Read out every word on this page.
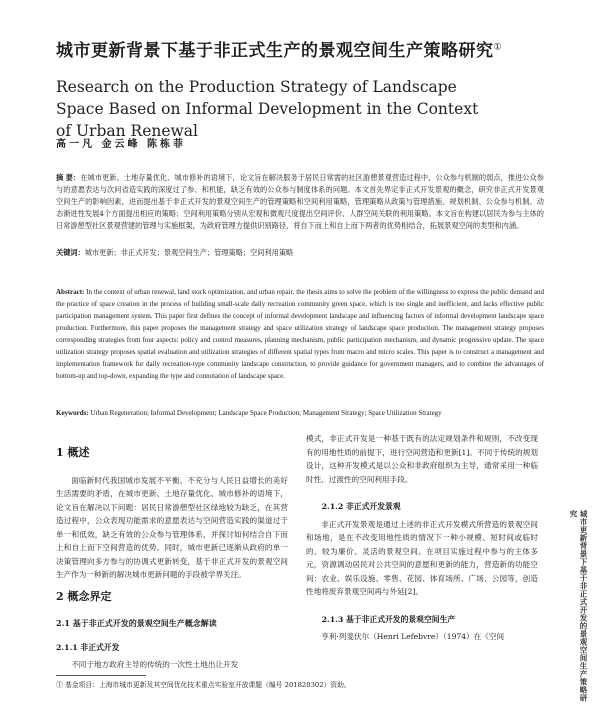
城市更新背景下基于非正式生产的景观空间生产策略研究①
Research on the Production Strategy of Landscape Space Based on Informal Development in the Context of Urban Renewal
高一凡 金云峰 陈栋菲
摘 要：在城市更新、土地存量优化、城市修补的语境下，论文旨在解决服务于居民日常需的社区游憩景观营造过程中，公众参与机制的弱点，推进公众参与的意愿表达与次问省造实践的深度过了参、和机能，缺乏有效的公众参与制度体系的问题。本文首先界定非正式开发景观的概念，研究非正式开发景观空间生产的影响因素，进而提出基于非正式开发的景观空间生产的管理策略和空间利用策略，管理策略从政策与管理措施、规划机制、公众参与机制、动态渐进性发展4个方面提出相应的策略；空间利用策略分别从宏观和微观尺度提出空间评价、人群空间关联的利用策略。本文旨在构建以居民为参与主体的日常游憩型社区景观营建的管理与实施框架，为政府管理方提供识别路径，将自下而上和自上而下两者的优势相结合，拓展景观空间的类型和内涵。
关键词：城市更新；非正式开发；景观空间生产；管理策略；空间利用策略
Abstract: In the context of urban renewal, land stock optimization, and urban repair, the thesis aims to solve the problem of the willingness to express the public demand and the practice of space creation in the process of building small-scale daily recreation community green space, which is too single and inefficient, and lacks effective public participation management system. This paper first defines the concept of informal development landscape and influencing factors of informal development landscape space production. Furthermore, this paper proposes the management strategy and space utilization strategy of landscape space production. The management strategy proposes corresponding strategies from four aspects: policy and control measures, planning mechanism, public participation mechanism, and dynamic progressive update. The space utilization strategy proposes spatial evaluation and utilization strategies of different spatial types from macro and micro scales. This paper is to construct a management and implementation framework for daily recreation-type community landscape construction, to provide guidance for government managers, and to combine the advantages of bottom-up and top-down, expanding the type and connotation of landscape space.
Keywords: Urban Regeneration; Informal Development; Landscape Space Production; Management Strategy; Space Utilization Strategy
1 概述

面临新时代我国城市发展不平衡、不充分与人民日益增长的美好生活需要的矛盾，在城市更新、土地存量优化、城市修补的语境下，论文旨在解决以下问题：居民日常游憩型社区绿地较为缺乏，在其营造过程中，公众表现功能需求的意愿表达与空间营造实践的渠道过于单一和低效，缺乏有效的公众参与管理体系，并探讨如何结合自下而上和自上而下空间营造的优势。同时，城市更新已逐渐从政府的单一决策管理向多方参与的协调式更新转变，基于非正式开发的景观空间生产作为一种新的解决城市更新问题的手段被学界关注。

2 概念界定
2.1 基于非正式开发的景观空间生产概念解读
2.1.1 非正式开发

不同于地方政府主导的传统的一次性土地出让开发

模式，非正式开发是一种基于既有的法定规划条件和规则，不改变现有的用地性质的前提下，进行空间营造和更新[1]。不同于传统的规划设计，这种开发模式是以公众和非政府组织为主导，通常采用一种临时性、过渡性的空间利用手段。

2.1.2 非正式开发景观

非正式开发景观是通过上述的非正式开发模式所营造的景观空间和场地，是在不改变用地性质的情况下一种小规模、短时间或临时的、较为廉价、灵活的景观空间。在项目实施过程中参与的主体多元，资源调动居民对公共空间的意愿和更新的能力，营造新的功能空间：农业、娱乐设施、零售、花园、体育场所、广场、公园等，创造性地将废弃景观空间再与外延[2]。

2.1.3 基于非正式开发的景观空间生产

亨利·列斐伏尔（Henri Lefebvre）（1974）在《空间	城市更新背景下基于非正式开发的景观空间生产策略研究
① 基金项目：上海市城市更新及其空间优化技术重点实验室开放课题（编号 201820302）资助。
